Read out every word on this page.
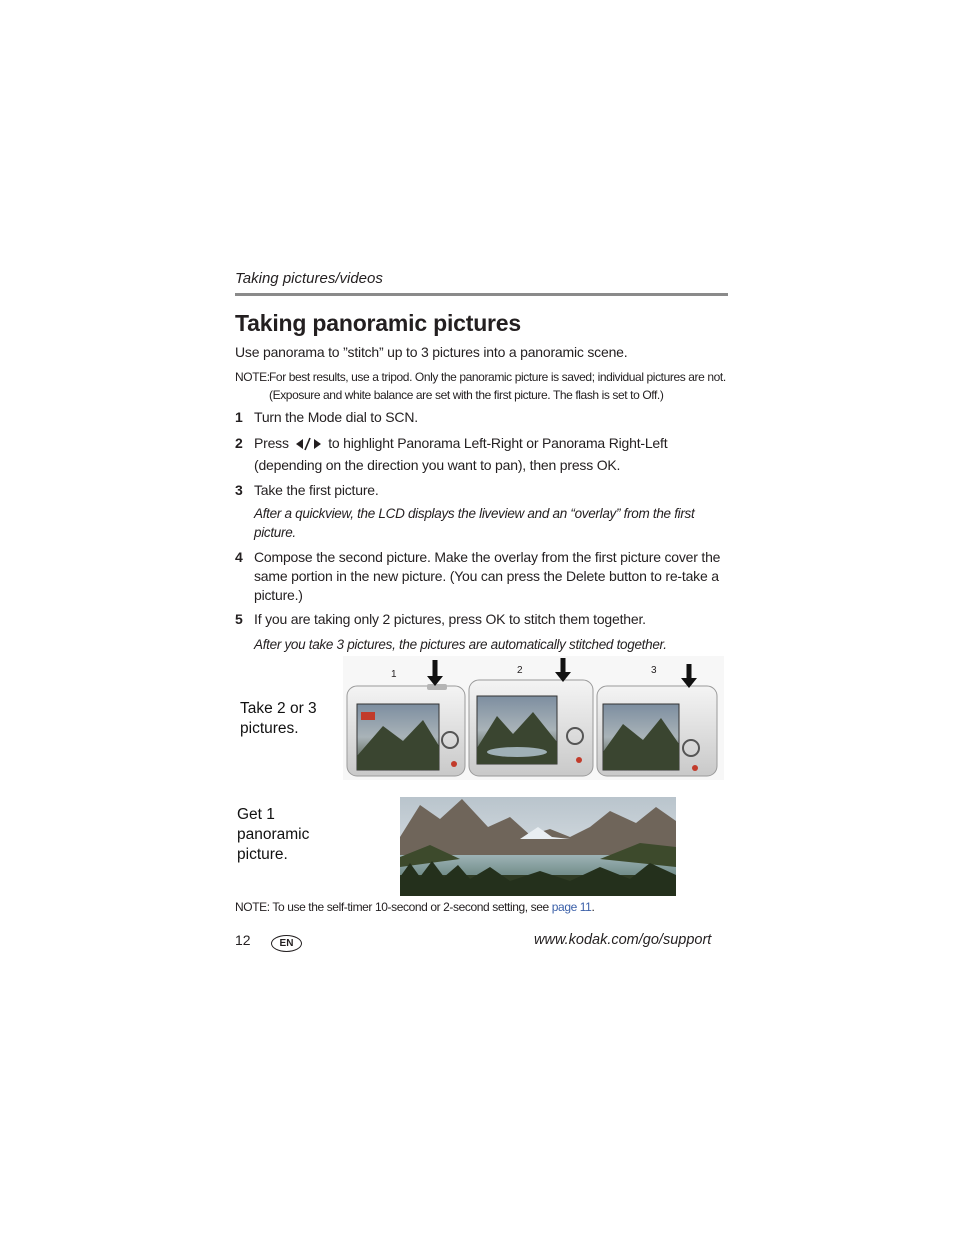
Taking pictures/videos
Taking panoramic pictures
Use panorama to ”stitch” up to 3 pictures into a panoramic scene.
NOTE: For best results, use a tripod. Only the panoramic picture is saved; individual pictures are not. (Exposure and white balance are set with the first picture. The flash is set to Off.)
1 Turn the Mode dial to SCN.
2 Press	to highlight Panorama Left-Right or Panorama Right-Left (depending on the direction you want to pan), then press OK.
3 Take the first picture.
After a quickview, the LCD displays the liveview and an “overlay” from the first picture.
4 Compose the second picture. Make the overlay from the first picture cover the same portion in the new picture. (You can press the Delete button to re-take a picture.)
5 If you are taking only 2 pictures, press OK to stitch them together.
After you take 3 pictures, the pictures are automatically stitched together.
Take 2 or 3 pictures.
1	2	3
Get 1 panoramic picture.
NOTE: To use the self-timer 10-second or 2-second setting, see page 11.
12	EN	www.kodak.com/go/support
